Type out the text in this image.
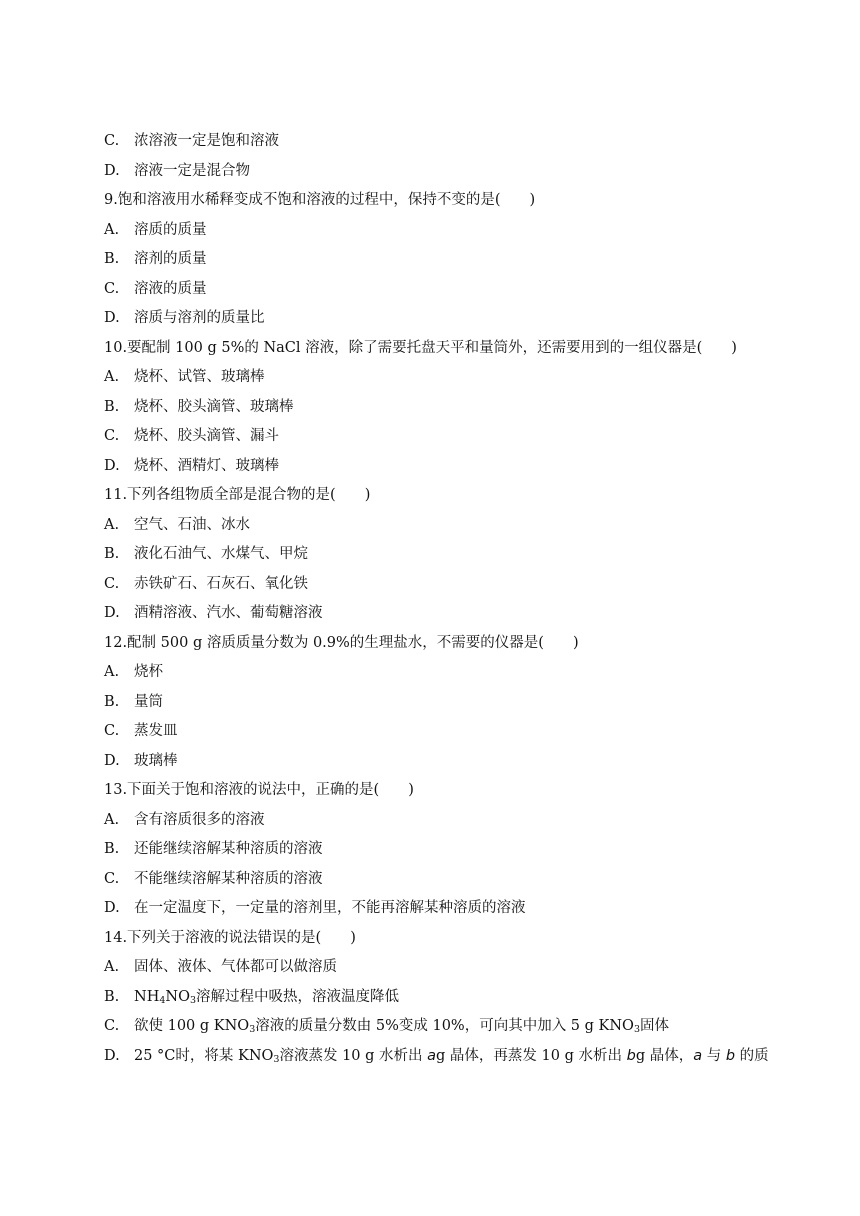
C. 浓溶液一定是饱和溶液
D. 溶液一定是混合物
9.饱和溶液用水稀释变成不饱和溶液的过程中，保持不变的是(　　)
A. 溶质的质量
B. 溶剂的质量
C. 溶液的质量
D. 溶质与溶剂的质量比
10.要配制 100 g 5%的 NaCl 溶液，除了需要托盘天平和量筒外，还需要用到的一组仪器是(　　)
A. 烧杯、试管、玻璃棒
B. 烧杯、胶头滴管、玻璃棒
C. 烧杯、胶头滴管、漏斗
D. 烧杯、酒精灯、玻璃棒
11.下列各组物质全部是混合物的是(　　)
A. 空气、石油、冰水
B. 液化石油气、水煤气、甲烷
C. 赤铁矿石、石灰石、氧化铁
D. 酒精溶液、汽水、葡萄糖溶液
12.配制 500 g 溶质质量分数为 0.9%的生理盐水，不需要的仪器是(　　)
A. 烧杯
B. 量筒
C. 蒸发皿
D. 玻璃棒
13.下面关于饱和溶液的说法中，正确的是(　　)
A. 含有溶质很多的溶液
B. 还能继续溶解某种溶质的溶液
C. 不能继续溶解某种溶质的溶液
D. 在一定温度下，一定量的溶剂里，不能再溶解某种溶质的溶液
14.下列关于溶液的说法错误的是(　　)
A. 固体、液体、气体都可以做溶质
B. $NH_4NO_3$溶解过程中吸热，溶液温度降低
C. 欲使 100 g $KNO_3$溶液的质量分数由 5%变成 10%，可向其中加入 5 g $KNO_3$固体
D. 25 °C时，将某 $KNO_3$溶液蒸发 10 g 水析出 ag 晶体，再蒸发 10 g 水析出 bg 晶体，a 与 b 的质
